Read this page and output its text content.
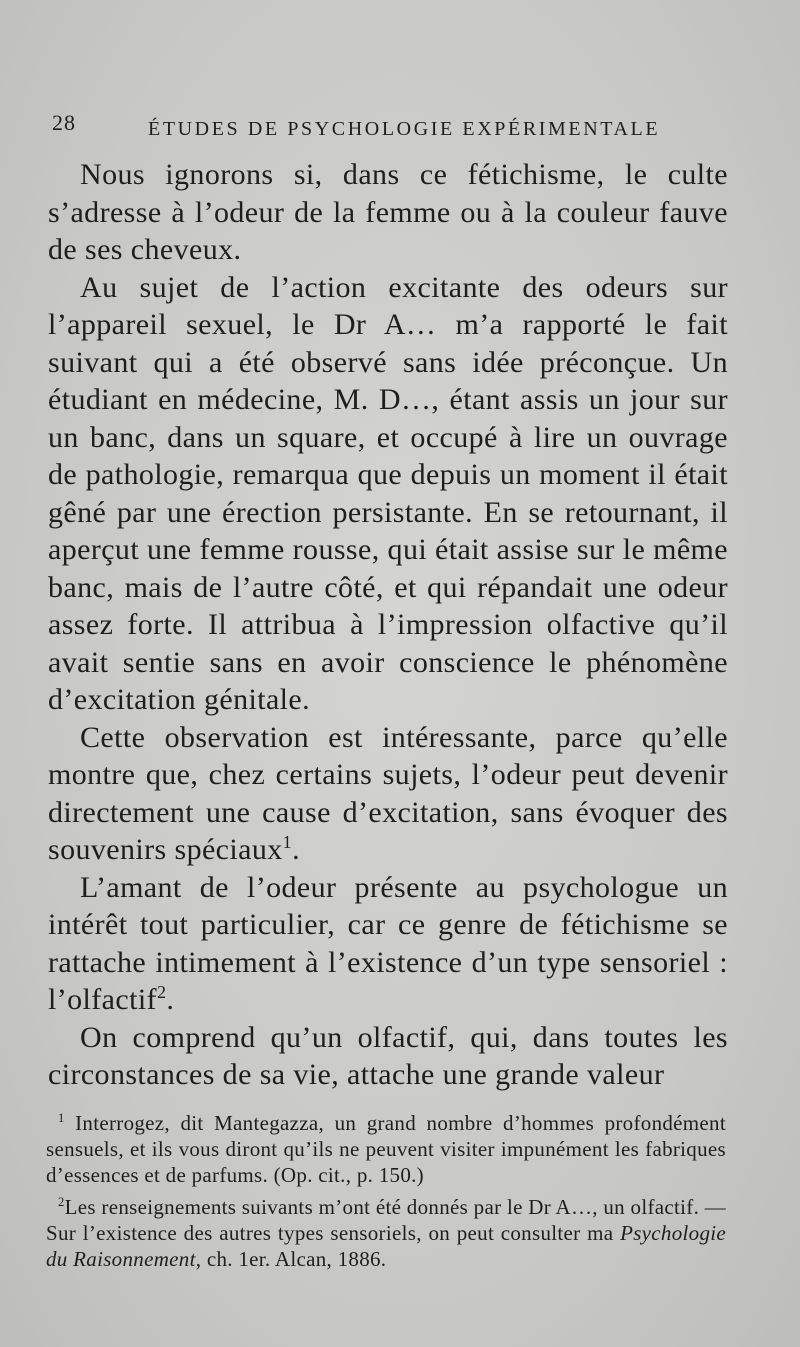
28	ÉTUDES DE PSYCHOLOGIE EXPÉRIMENTALE

Nous ignorons si, dans ce fétichisme, le culte s’adresse à l’odeur de la femme ou à la couleur fauve de ses cheveux.

Au sujet de l’action excitante des odeurs sur l’appareil sexuel, le Dr A… m’a rapporté le fait suivant qui a été observé sans idée préconçue. Un étudiant en médecine, M. D…, étant assis un jour sur un banc, dans un square, et occupé à lire un ouvrage de pathologie, remarqua que depuis un moment il était gêné par une érection persistante. En se retournant, il aperçut une femme rousse, qui était assise sur le même banc, mais de l’autre côté, et qui répandait une odeur assez forte. Il attribua à l’impression olfactive qu’il avait sentie sans en avoir conscience le phénomène d’excitation génitale.

Cette observation est intéressante, parce qu’elle montre que, chez certains sujets, l’odeur peut devenir directement une cause d’excitation, sans évoquer des souvenirs spéciaux$^1$.

L’amant de l’odeur présente au psychologue un intérêt tout particulier, car ce genre de fétichisme se rattache intimement à l’existence d’un type sensoriel : l’olfactif$^2$.

On comprend qu’un olfactif, qui, dans toutes les circonstances de sa vie, attache une grande valeur

$^1$ Interrogez, dit Mantegazza, un grand nombre d’hommes profondément sensuels, et ils vous diront qu’ils ne peuvent visiter impunément les fabriques d’essences et de parfums. (Op. cit., p. 150.)

$^2$Les renseignements suivants m’ont été donnés par le Dr A…, un olfactif. — Sur l’existence des autres types sensoriels, on peut consulter ma Psychologie du Raisonnement, ch. 1er. Alcan, 1886.
